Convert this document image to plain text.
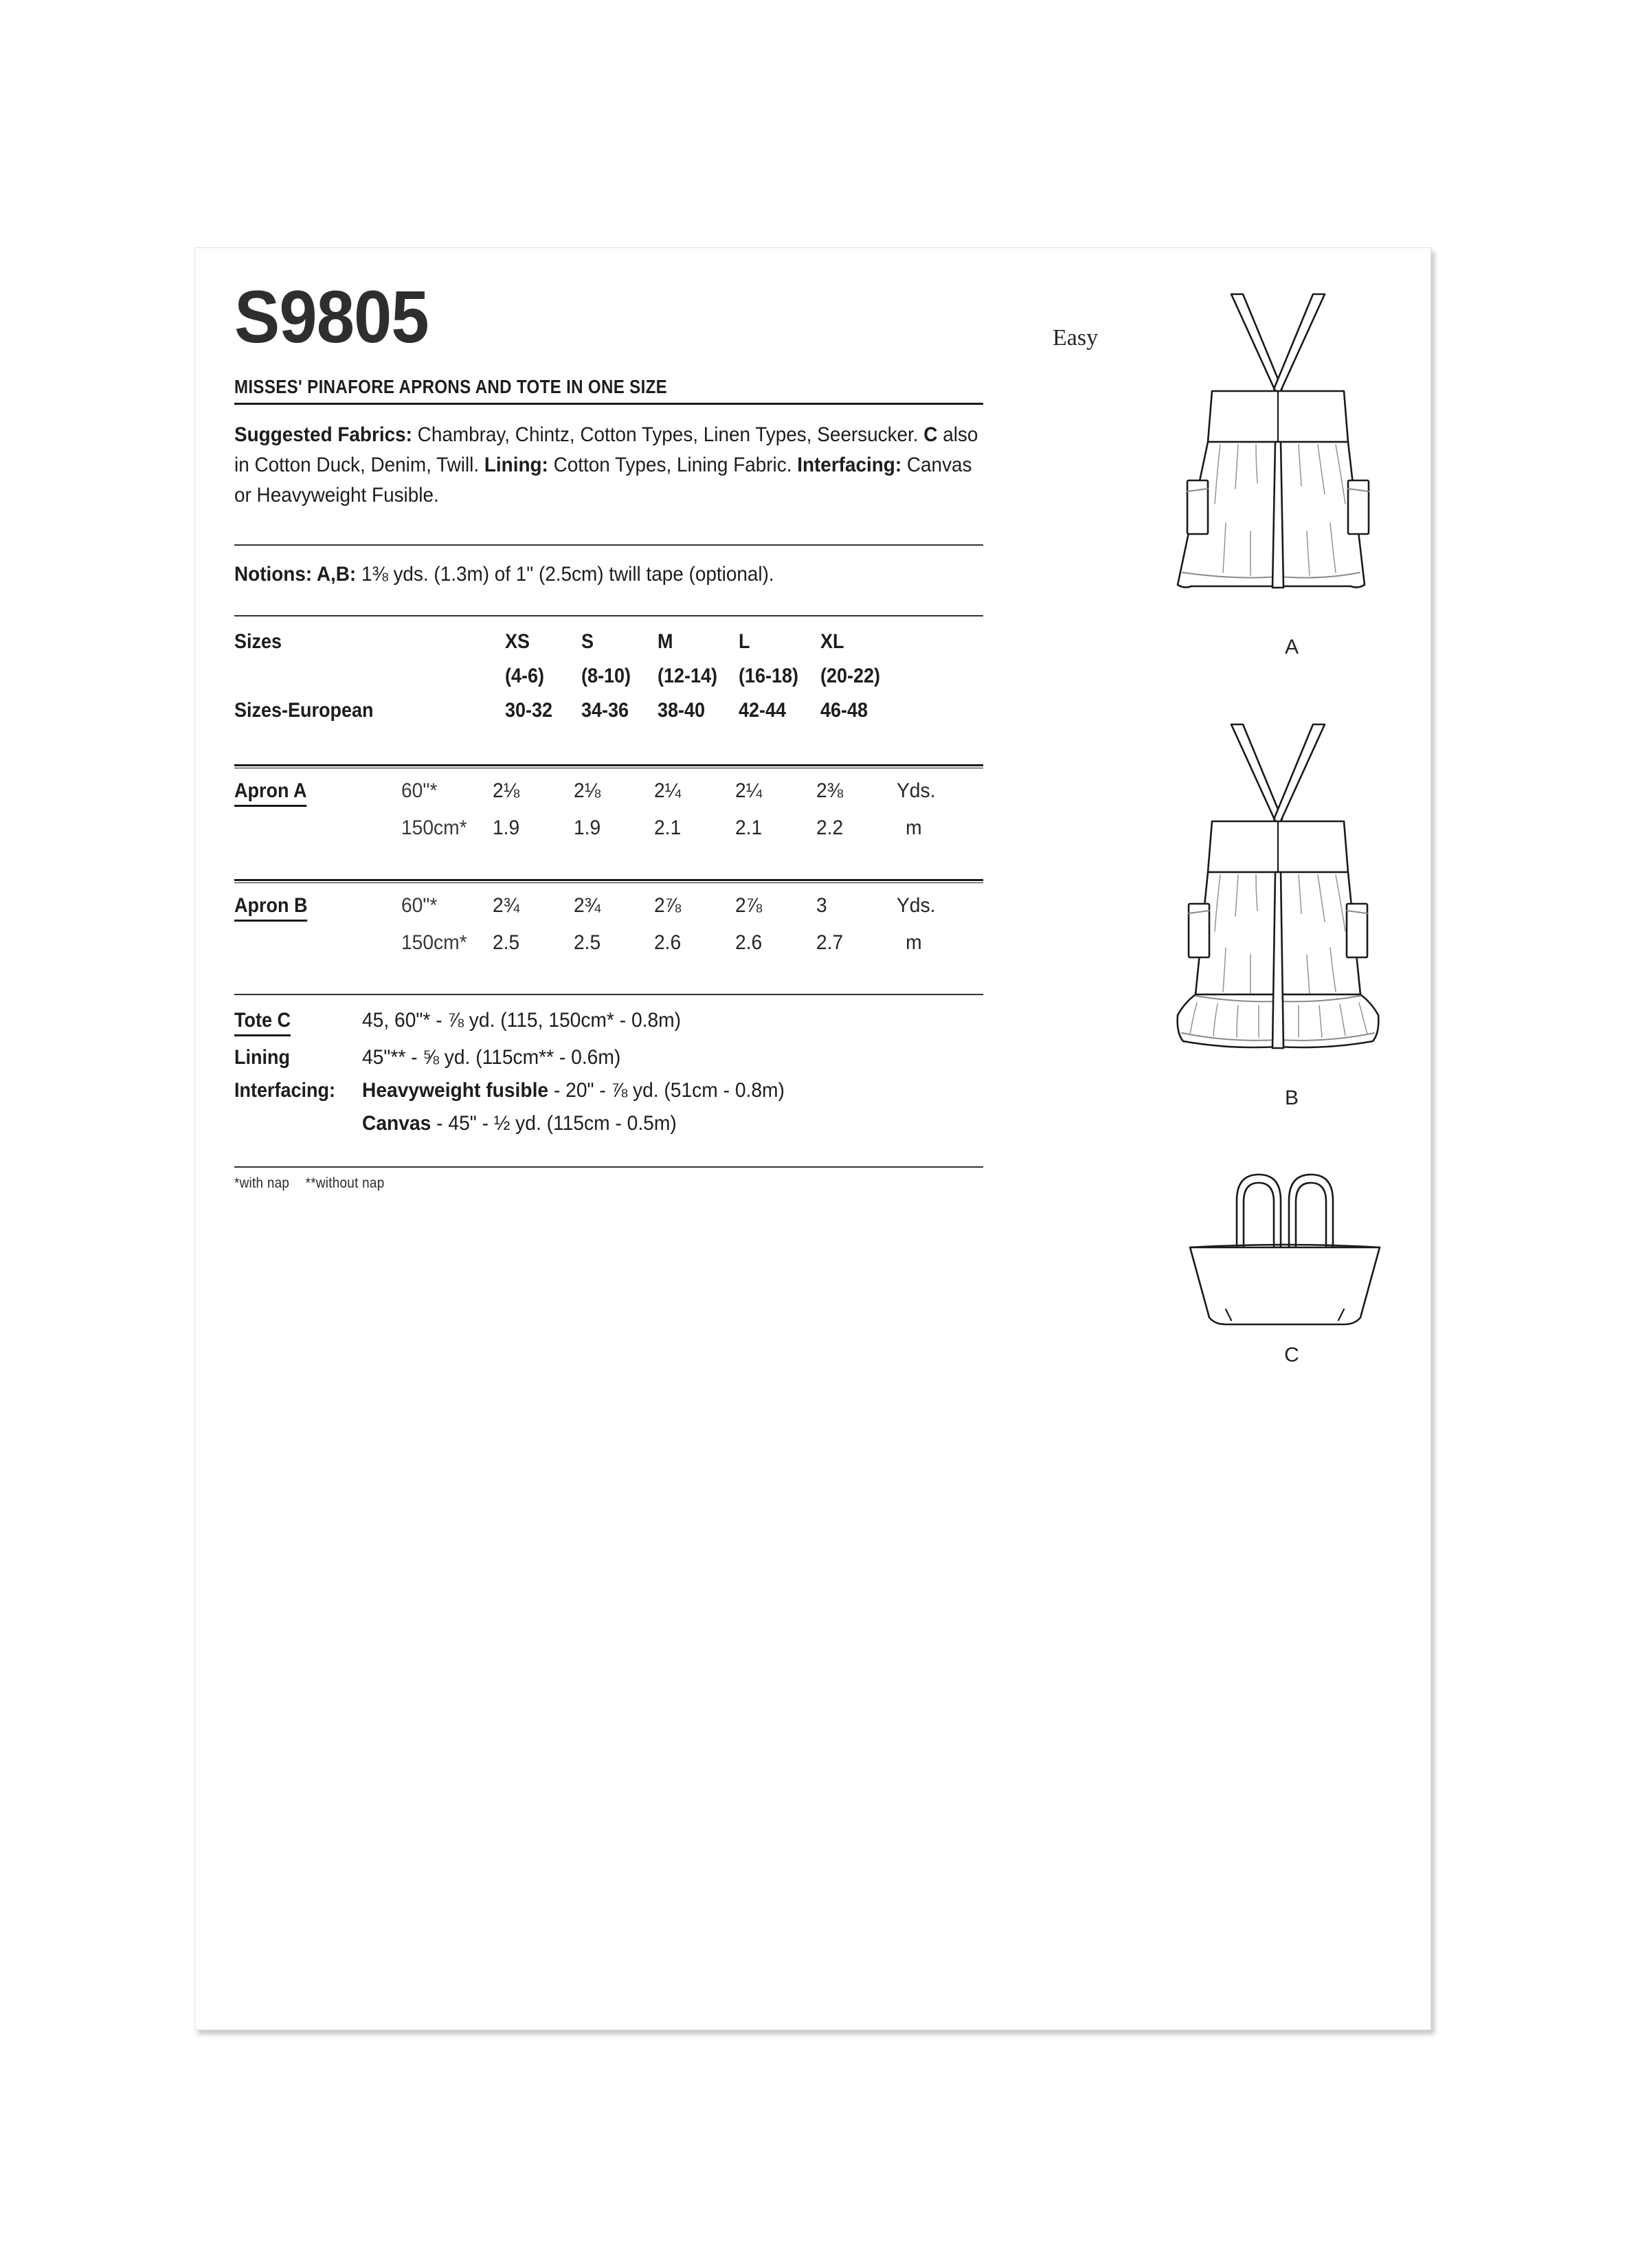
S9805
MISSES' PINAFORE APRONS AND TOTE IN ONE SIZE
Suggested Fabrics: Chambray, Chintz, Cotton Types, Linen Types, Seersucker. C also in Cotton Duck, Denim, Twill. Lining: Cotton Types, Lining Fabric. Interfacing: Canvas or Heavyweight Fusible.
Notions: A,B: 1⅜ yds. (1.3m) of 1" (2.5cm) twill tape (optional).
Sizes		XS	S	M	L	XL	
		(4-6)	(8-10)	(12-14)	(16-18)	(20-22)	
Sizes-European		30-32	34-36	38-40	42-44	46-48	
Apron A	60"*	2⅛	2⅛	2¼	2¼	2⅜	Yds.
	150cm*	1.9	1.9	2.1	2.1	2.2	m
Apron B	60"*	2¾	2¾	2⅞	2⅞	3	Yds.
	150cm*	2.5	2.5	2.6	2.6	2.7	m
Tote C	45, 60"* - ⅞ yd. (115, 150cm* - 0.8m)
Lining	45"** - ⅝ yd. (115cm** - 0.6m)
Interfacing:	Heavyweight fusible - 20" - ⅞ yd. (51cm - 0.8m)
	Canvas - 45" - ½ yd. (115cm - 0.5m)
*with nap **without nap
Easy
A
B
C
